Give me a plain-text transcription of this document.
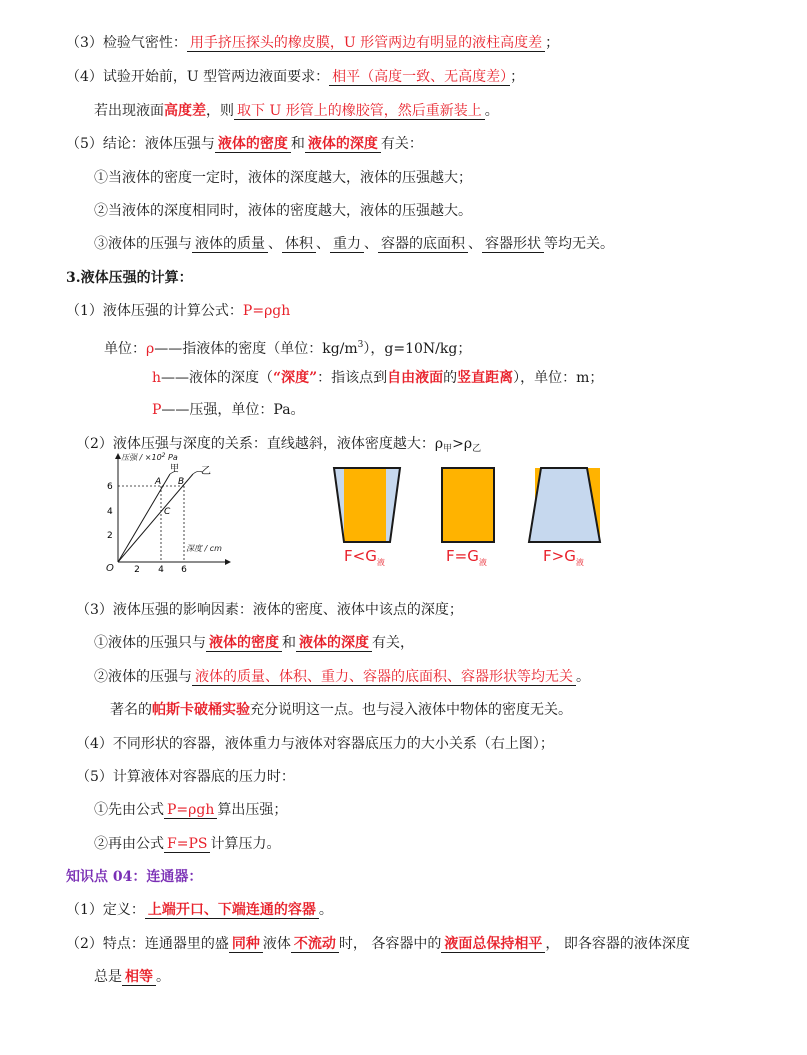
（3）检验气密性： 用手挤压探头的橡皮膜，U 形管两边有明显的液柱高度差 ；
（4）试验开始前，U 型管两边液面要求： 相平（高度一致、无高度差） ；
若出现液面高度差，则 取下 U 形管上的橡胶管，然后重新装上 。
（5）结论：液体压强与 液体的密度 和 液体的深度 有关：
①当液体的密度一定时，液体的深度越大，液体的压强越大；
②当液体的深度相同时，液体的密度越大，液体的压强越大。
③液体的压强与 液体的质量 、 体积 、 重力 、 容器的底面积 、 容器形状 等均无关。
3.液体压强的计算：
（1）液体压强的计算公式：P=ρgh
单位：ρ——指液体的密度（单位：$kg/m^3$），g=10N/kg；
h——液体的深度（“深度”：指该点到自由液面的竖直距离），单位：m；
P——压强，单位：Pa。
（2）液体压强与深度的关系：直线越斜，液体密度越大：$\rho_甲>\rho_乙$
压强 / $\times 10^2$ Pa
深度 / cm
O 2 4 6
2
4
6
甲 乙
A B
C
$F<G_液$	$F=G_液$	$F>G_液$
（3）液体压强的影响因素：液体的密度、液体中该点的深度；
①液体的压强只与 液体的密度 和 液体的深度 有关，
②液体的压强与 液体的质量、体积、重力、容器的底面积、容器形状等均无关 。
著名的帕斯卡破桶实验充分说明这一点。也与浸入液体中物体的密度无关。
（4）不同形状的容器，液体重力与液体对容器底压力的大小关系（右上图）；
（5）计算液体对容器底的压力时：
①先由公式 P=ρgh 算出压强；
②再由公式 F=PS 计算压力。
知识点 04：连通器：
（1）定义： 上端开口、下端连通的容器 。
（2）特点：连通器里的盛 同种 液体 不流动 时， 各容器中的 液面总保持相平 ， 即各容器的液体深度
总是 相等 。
